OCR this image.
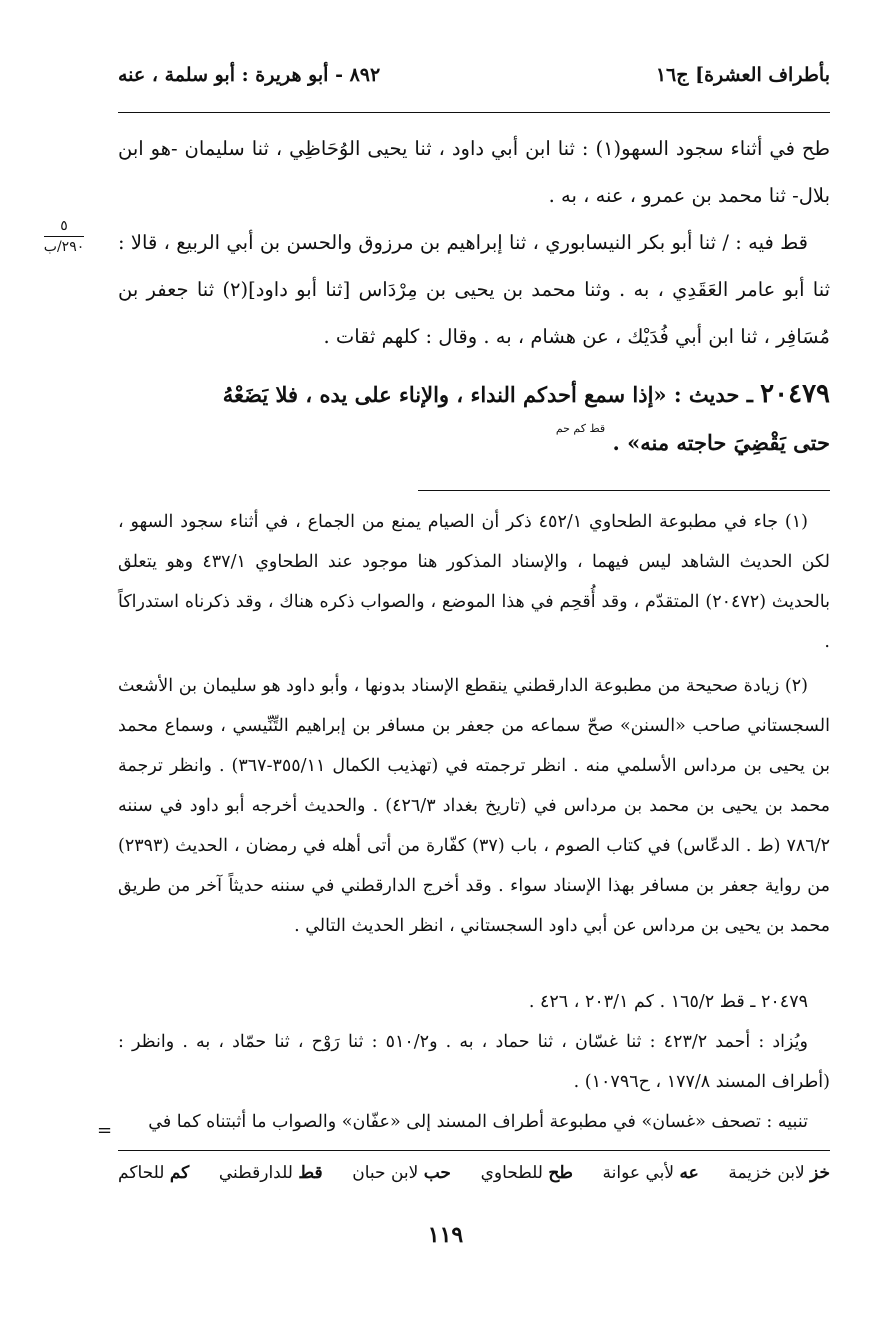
بأطراف العشرة] ج١٦
٨٩٢ - أبو هريرة : أبو سلمة ، عنه
٥
٢٩٠/ب

طح في أثناء سجود السهو(١) : ثنا ابن أبي داود ، ثنا يحيى الوُحَاظِي ، ثنا سليمان -هو ابن بلال- ثنا محمد بن عمرو ، عنه ، به .

قط فيه : / ثنا أبو بكر النيسابوري ، ثنا إبراهيم بن مرزوق والحسن بن أبي الربيع ، قالا : ثنا أبو عامر العَقَدِي ، به . وثنا محمد بن يحيى بن مِرْدَاس [ثنا أبو داود](٢) ثنا جعفر بن مُسَافِر ، ثنا ابن أبي فُدَيْك ، عن هشام ، به . وقال : كلهم ثقات .

٢٠٤٧٩ ـ حديث : «إذا سمع أحدكم النداء ، والإناء على يده ، فلا يَضَعْهُ
حتى يَقْضِيَ حاجته منه» . $^{قط كم حم}$

(١) جاء في مطبوعة الطحاوي ٤٥٢/١ ذكر أن الصيام يمنع من الجماع ، في أثناء سجود السهو ، لكن الحديث الشاهد ليس فيهما ، والإسناد المذكور هنا موجود عند الطحاوي ٤٣٧/١ وهو يتعلق بالحديث (٢٠٤٧٢) المتقدّم ، وقد أُقحِم في هذا الموضع ، والصواب ذكره هناك ، وقد ذكرناه استدراكاً .

(٢) زيادة صحيحة من مطبوعة الدارقطني ينقطع الإسناد بدونها ، وأبو داود هو سليمان بن الأشعث السجستاني صاحب «السنن» صحّ سماعه من جعفر بن مسافر بن إبراهيم التِّنِّيسي ، وسماع محمد بن يحيى بن مرداس الأسلمي منه . انظر ترجمته في (تهذيب الكمال ٣٥٥/١١-٣٦٧) . وانظر ترجمة محمد بن يحيى بن محمد بن مرداس في (تاريخ بغداد ٤٢٦/٣) . والحديث أخرجه أبو داود في سننه ٧٨٦/٢ (ط . الدعّاس) في كتاب الصوم ، باب (٣٧) كفّارة من أتى أهله في رمضان ، الحديث (٢٣٩٣) من رواية جعفر بن مسافر بهذا الإسناد سواء . وقد أخرج الدارقطني في سننه حديثاً آخر من طريق محمد بن يحيى بن مرداس عن أبي داود السجستاني ، انظر الحديث التالي .

٢٠٤٧٩ ـ قط ١٦٥/٢ . كم ٢٠٣/١ ، ٤٢٦ .

ويُزاد : أحمد ٤٢٣/٢ : ثنا غسّان ، ثنا حماد ، به . و٥١٠/٢ : ثنا رَوْح ، ثنا حمّاد ، به . وانظر : (أطراف المسند ١٧٧/٨ ، ح١٠٧٩٦) .

تنبيه : تصحف «غسان» في مطبوعة أطراف المسند إلى «عفّان» والصواب ما أثبتناه كما في

=
خز لابن خزيمة
عه لأبي عوانة
طح للطحاوي
حب لابن حبان
قط للدارقطني
كم للحاكم
١١٩
